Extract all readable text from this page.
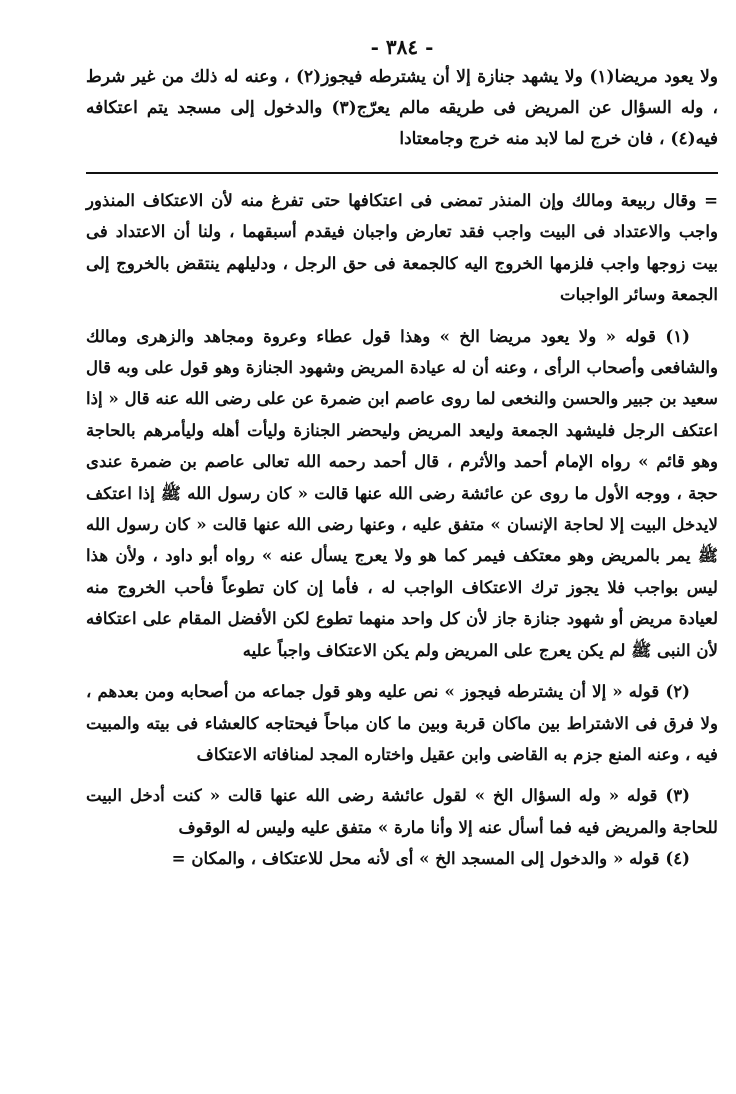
- ٣٨٤ -

ولا يعود مريضا(١) ولا يشهد جنازة إلا أن يشترطه فيجوز(٢) ، وعنه له ذلك من غير شرط ، وله السؤال عن المريض فى طريقه مالم يعرّج(٣) والدخول إلى مسجد يتم اعتكافه فيه(٤) ، فان خرج لما لابد منه خرج وجامعتادا

= وقال ربيعة ومالك وإن المنذر تمضى فى اعتكافها حتى تفرغ منه لأن الاعتكاف المنذور واجب والاعتداد فى البيت واجب فقد تعارض واجبان فيقدم أسبقهما ، ولنا أن الاعتداد فى بيت زوجها واجب فلزمها الخروج اليه كالجمعة فى حق الرجل ، ودليلهم ينتقض بالخروج إلى الجمعة وسائر الواجبات

(١) قوله « ولا يعود مريضا الخ » وهذا قول عطاء وعروة ومجاهد والزهرى ومالك والشافعى وأصحاب الرأى ، وعنه أن له عيادة المريض وشهود الجنازة وهو قول على وبه قال سعيد بن جبير والحسن والنخعى لما روى عاصم ابن ضمرة عن على رضى الله عنه قال « إذا اعتكف الرجل فليشهد الجمعة وليعد المريض وليحضر الجنازة وليأت أهله وليأمرهم بالحاجة وهو قائم » رواه الإمام أحمد والأثرم ، قال أحمد رحمه الله تعالى عاصم بن ضمرة عندى حجة ، ووجه الأول ما روى عن عائشة رضى الله عنها قالت « كان رسول الله ﷺ إذا اعتكف لايدخل البيت إلا لحاجة الإنسان » متفق عليه ، وعنها رضى الله عنها قالت « كان رسول الله ﷺ يمر بالمريض وهو معتكف فيمر كما هو ولا يعرج يسأل عنه » رواه أبو داود ، ولأن هذا ليس بواجب فلا يجوز ترك الاعتكاف الواجب له ، فأما إن كان تطوعاً فأحب الخروج منه لعيادة مريض أو شهود جنازة جاز لأن كل واحد منهما تطوع لكن الأفضل المقام على اعتكافه لأن النبى ﷺ لم يكن يعرج على المريض ولم يكن الاعتكاف واجباً عليه

(٢) قوله « إلا أن يشترطه فيجوز » نص عليه وهو قول جماعه من أصحابه ومن بعدهم ، ولا فرق فى الاشتراط بين ماكان قربة وبين ما كان مباحاً فيحتاجه كالعشاء فى بيته والمبيت فيه ، وعنه المنع جزم به القاضى وابن عقيل واختاره المجد لمنافاته الاعتكاف

(٣) قوله « وله السؤال الخ » لقول عائشة رضى الله عنها قالت « كنت أدخل البيت للحاجة والمريض فيه فما أسأل عنه إلا وأنا مارة » متفق عليه وليس له الوقوف

(٤) قوله « والدخول إلى المسجد الخ » أى لأنه محل للاعتكاف ، والمكان =
